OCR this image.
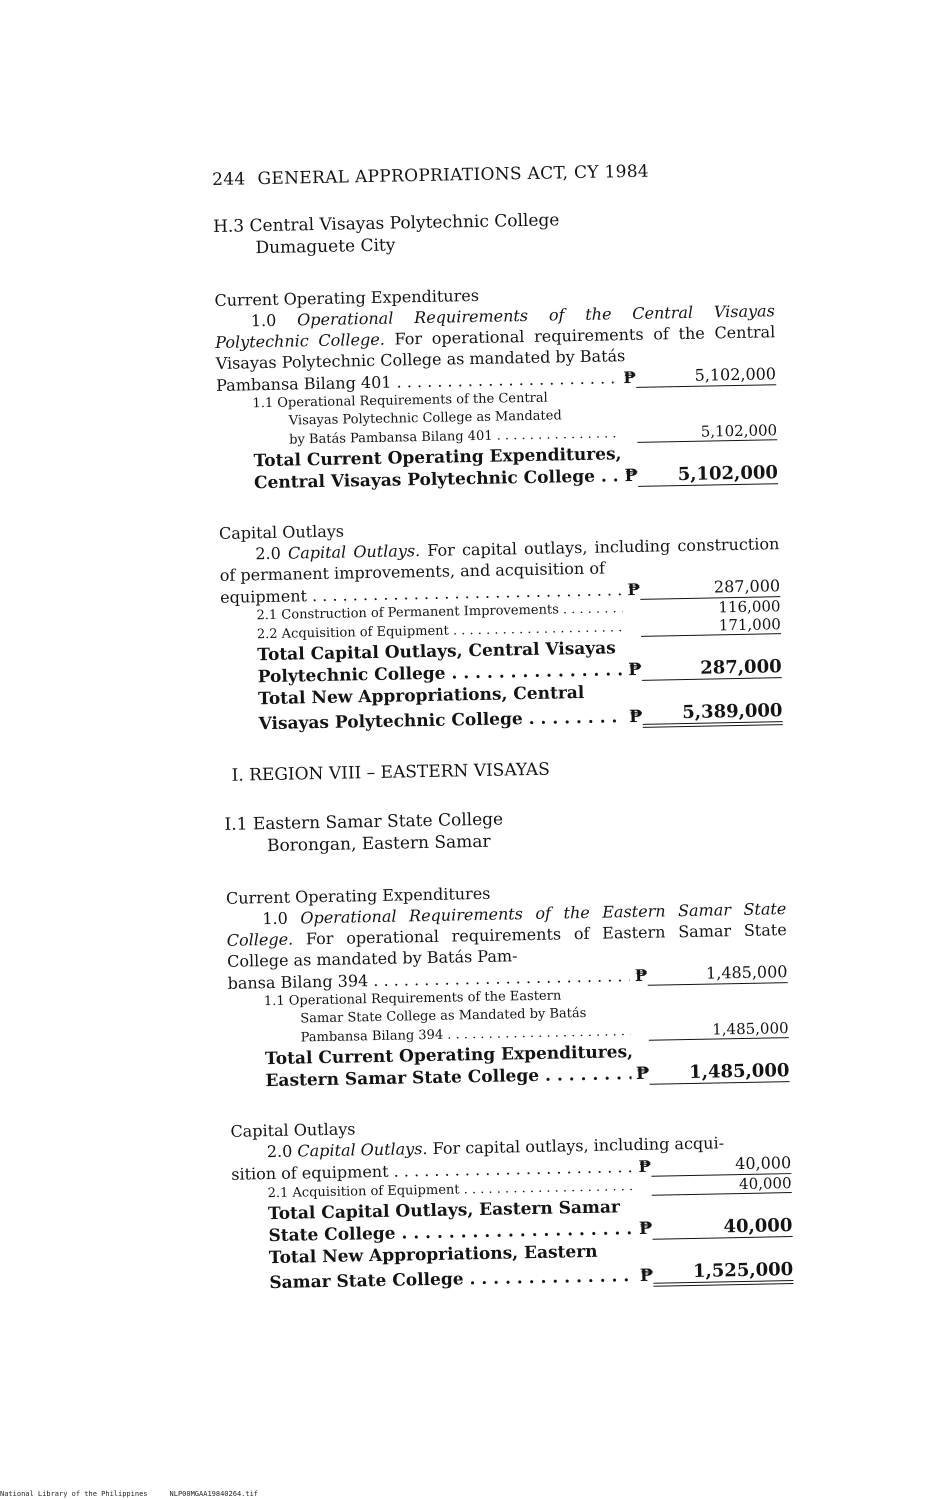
244 GENERAL APPROPRIATIONS ACT, CY 1984
H.3 Central Visayas Polytechnic College
Dumaguete City
Current Operating Expenditures

1.0 Operational Requirements of the Central Visayas Polytechnic College. For operational requirements of the Central Visayas Polytechnic College as mandated by Batás

Pambansa Bilang 401 . . .	₱	5,102,000
1.1 Operational Requirements of the Central
Visayas Polytechnic College as Mandated
by Batás Pambansa Bilang 401 . . .	5,102,000
Total Current Operating Expenditures,
Central Visayas Polytechnic College . . .	₱	5,102,000
Capital Outlays

2.0 Capital Outlays. For capital outlays, including construction of permanent improvements, and acquisition of

equipment . . .	₱	287,000
2.1 Construction of Permanent Improvements . . .	116,000
2.2 Acquisition of Equipment . . .	171,000
Total Capital Outlays, Central Visayas
Polytechnic College . . .	₱	287,000
Total New Appropriations, Central
Visayas Polytechnic College . . .	₱	5,389,000
I. REGION VIII – EASTERN VISAYAS
I.1 Eastern Samar State College
Borongan, Eastern Samar
Current Operating Expenditures

1.0 Operational Requirements of the Eastern Samar State College. For operational requirements of Eastern Samar State College as mandated by Batás Pam-

bansa Bilang 394 . . .	₱	1,485,000
1.1 Operational Requirements of the Eastern
Samar State College as Mandated by Batás
Pambansa Bilang 394 . . .	1,485,000
Total Current Operating Expenditures,
Eastern Samar State College . . .	₱	1,485,000
Capital Outlays

2.0 Capital Outlays. For capital outlays, including acqui-

sition of equipment . . .	₱	40,000
2.1 Acquisition of Equipment . . .	40,000
Total Capital Outlays, Eastern Samar
State College . . .	₱	40,000
Total New Appropriations, Eastern
Samar State College . . .	₱	1,525,000
National Library of the Philippines	NLP00MGAA19840264.tif
